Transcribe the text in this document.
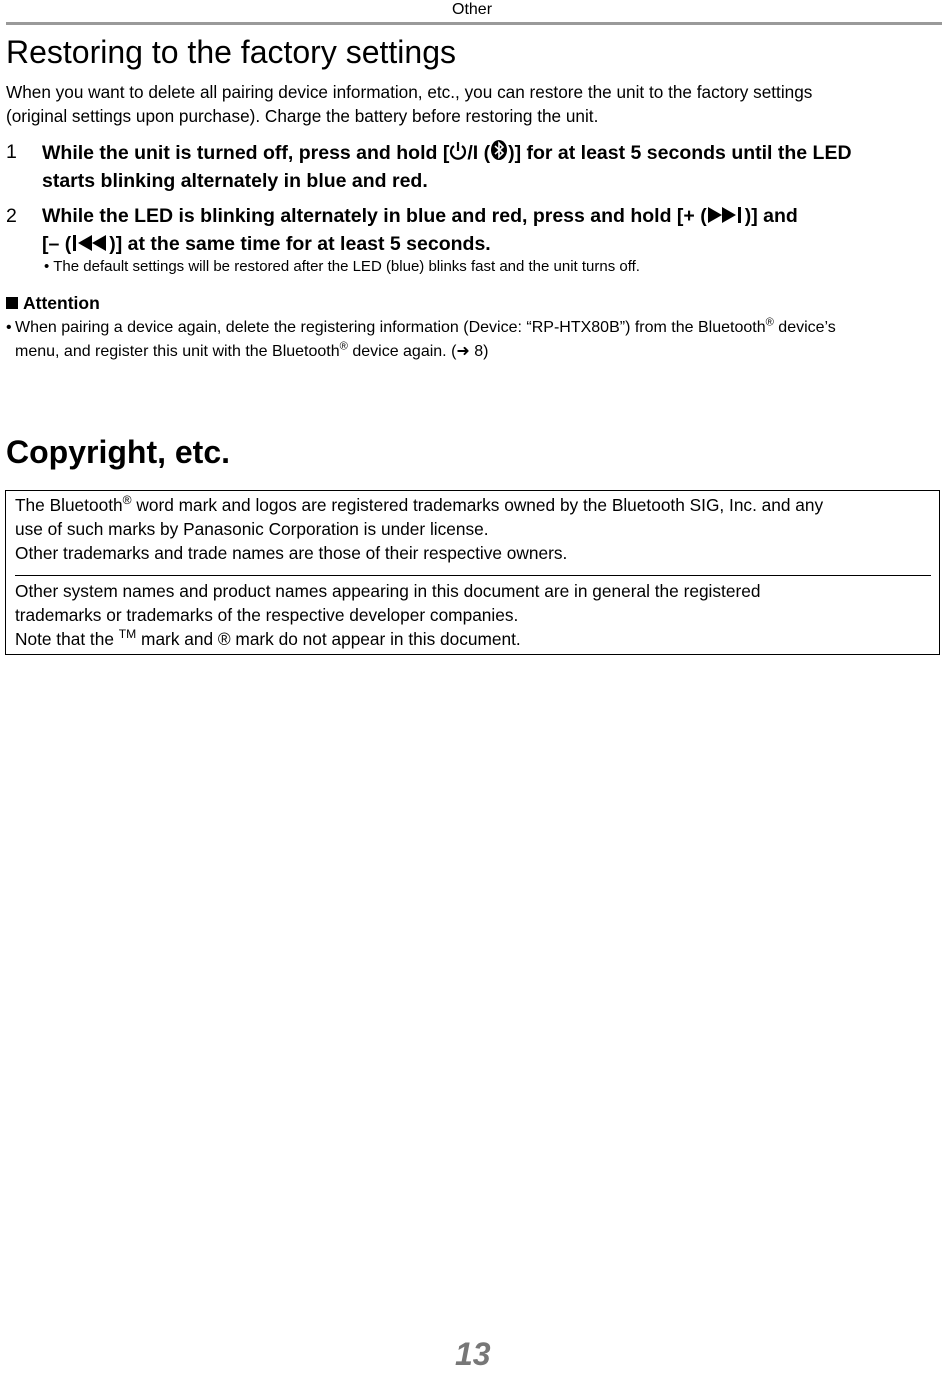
Other
Restoring to the factory settings
When you want to delete all pairing device information, etc., you can restore the unit to the factory settings
(original settings upon purchase). Charge the battery before restoring the unit.
1 While the unit is turned off, press and hold [ /I ( )] for at least 5 seconds until the LED
starts blinking alternately in blue and red.
2 While the LED is blinking alternately in blue and red, press and hold [+ ( )] and
[– ( )] at the same time for at least 5 seconds.
• The default settings will be restored after the LED (blue) blinks fast and the unit turns off.
Attention
• When pairing a device again, delete the registering information (Device: “RP-HTX80B”) from the Bluetooth® device’s
menu, and register this unit with the Bluetooth® device again. (➜ 8)
Copyright, etc.

The Bluetooth® word mark and logos are registered trademarks owned by the Bluetooth SIG, Inc. and any
use of such marks by Panasonic Corporation is under license.
Other trademarks and trade names are those of their respective owners.

Other system names and product names appearing in this document are in general the registered
trademarks or trademarks of the respective developer companies.
Note that the ™ mark and ® mark do not appear in this document.

13
